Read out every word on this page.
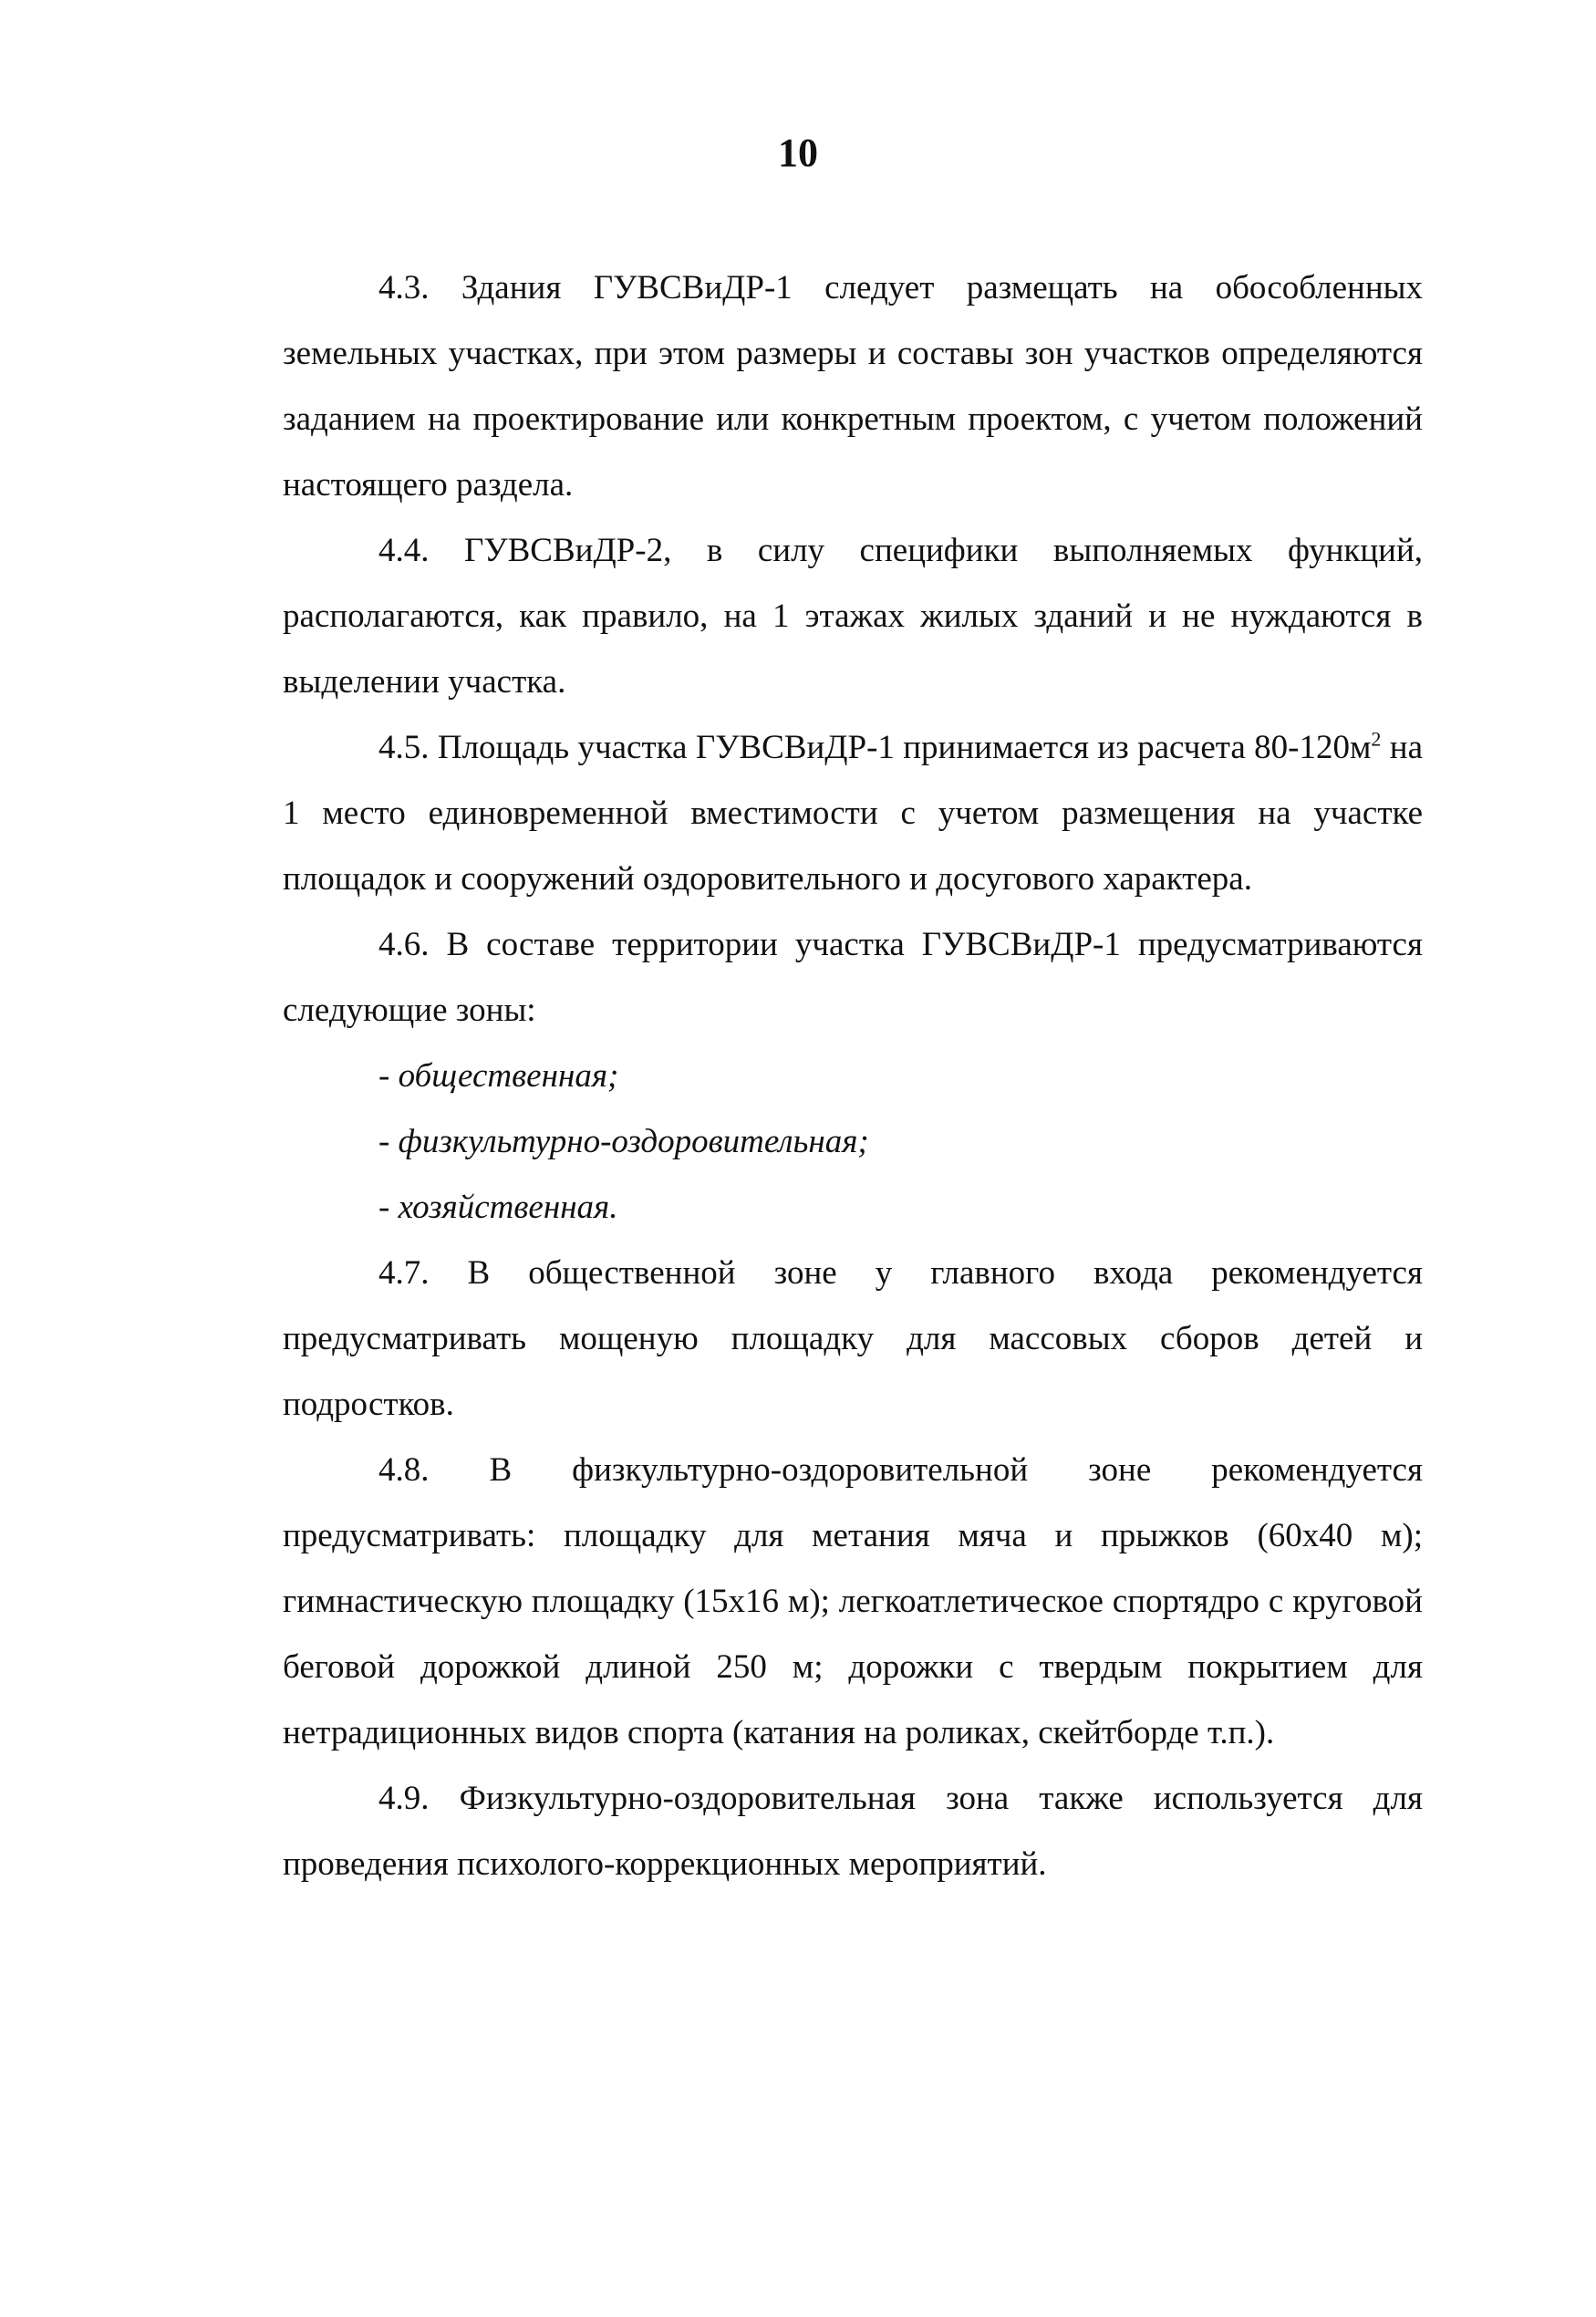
10

4.3. Здания ГУВСВиДР-1 следует размещать на обособленных земельных участках, при этом размеры и составы зон участков определяются заданием на проектирование или конкретным проектом, с учетом положений настоящего раздела.

4.4. ГУВСВиДР-2, в силу специфики выполняемых функций, располагаются, как правило, на 1 этажах жилых зданий и не нуждаются в выделении участка.

4.5. Площадь участка ГУВСВиДР-1 принимается из расчета $80-120м^2$ на 1 место единовременной вместимости с учетом размещения на участке площадок и сооружений оздоровительного и досугового характера.

4.6. В составе территории участка ГУВСВиДР-1 предусматриваются следующие зоны:

- общественная;
- физкультурно-оздоровительная;
- хозяйственная.

4.7. В общественной зоне у главного входа рекомендуется предусматривать мощеную площадку для массовых сборов детей и подростков.

4.8. В физкультурно-оздоровительной зоне рекомендуется предусматривать: площадку для метания мяча и прыжков (60х40 м); гимнастическую площадку (15х16 м); легкоатлетическое спортядро с круговой беговой дорожкой длиной 250 м; дорожки с твердым покрытием для нетрадиционных видов спорта (катания на роликах, скейтборде т.п.).

4.9. Физкультурно-оздоровительная зона также используется для проведения психолого-коррекционных мероприятий.
